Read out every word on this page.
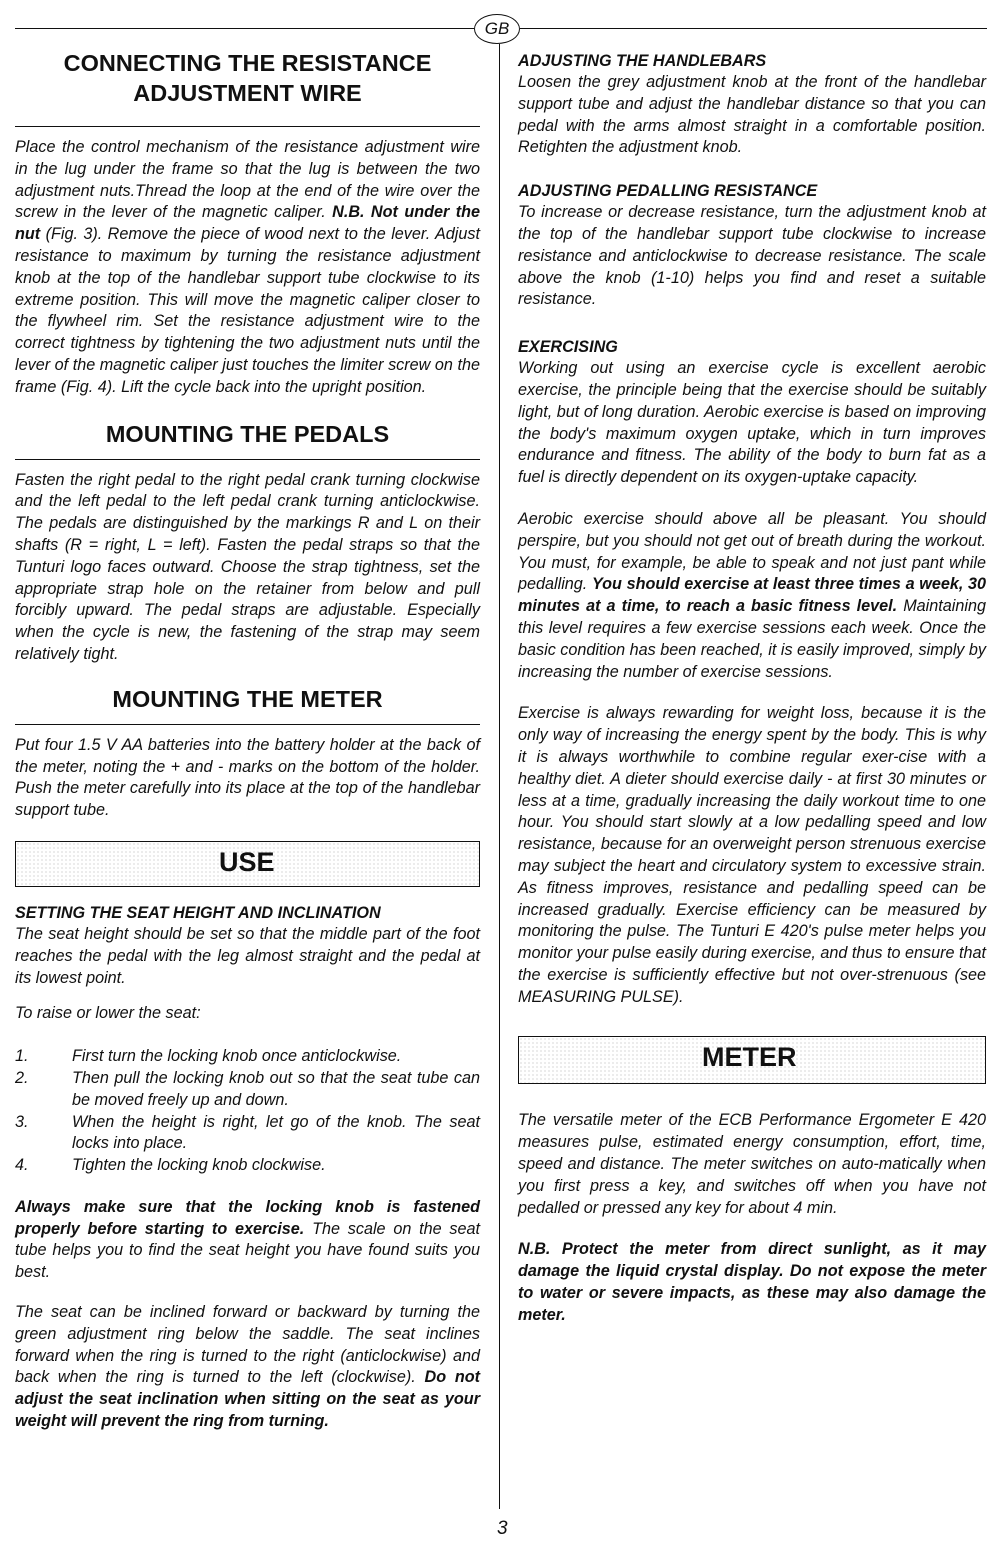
GB

CONNECTING THE RESISTANCE ADJUSTMENT WIRE

Place the control mechanism of the resistance adjustment wire in the lug under the frame so that the lug is between the two adjustment nuts.Thread the loop at the end of the wire over the screw in the lever of the magnetic caliper. N.B. Not under the nut (Fig. 3). Remove the piece of wood next to the lever. Adjust resistance to maximum by turning the resistance adjustment knob at the top of the handlebar support tube clockwise to its extreme position. This will move the magnetic caliper closer to the flywheel rim. Set the resistance adjustment wire to the correct tightness by tightening the two adjustment nuts until the lever of the magnetic caliper just touches the limiter screw on the frame (Fig. 4). Lift the cycle back into the upright position.

MOUNTING THE PEDALS

Fasten the right pedal to the right pedal crank turning clockwise and the left pedal to the left pedal crank turning anticlockwise. The pedals are distinguished by the markings R and L on their shafts (R = right, L = left). Fasten the pedal straps so that the Tunturi logo faces outward. Choose the strap tightness, set the appropriate strap hole on the retainer from below and pull forcibly upward. The pedal straps are adjustable. Especially when the cycle is new, the fastening of the strap may seem relatively tight.

MOUNTING THE METER

Put four 1.5 V AA batteries into the battery holder at the back of the meter, noting the + and - marks on the bottom of the holder. Push the meter carefully into its place at the top of the handlebar support tube.

USE

SETTING THE SEAT HEIGHT AND INCLINATION

The seat height should be set so that the middle part of the foot reaches the pedal with the leg almost straight and the pedal at its lowest point.

To raise or lower the seat:

1.	First turn the locking knob once anticlockwise.
2.	Then pull the locking knob out so that the seat tube can be moved freely up and down.
3.	When the height is right, let go of the knob. The seat locks into place.
4.	Tighten the locking knob clockwise.

Always make sure that the locking knob is fastened properly before starting to exercise. The scale on the seat tube helps you to find the seat height you have found suits you best.

The seat can be inclined forward or backward by turning the green adjustment ring below the saddle. The seat inclines forward when the ring is turned to the right (anticlockwise) and back when the ring is turned to the left (clockwise). Do not adjust the seat inclination when sitting on the seat as your weight will prevent the ring from turning.

ADJUSTING THE HANDLEBARS

Loosen the grey adjustment knob at the front of the handlebar support tube and adjust the handlebar distance so that you can pedal with the arms almost straight in a comfortable position. Retighten the adjustment knob.

ADJUSTING PEDALLING RESISTANCE

To increase or decrease resistance, turn the adjustment knob at the top of the handlebar support tube clockwise to increase resistance and anticlockwise to decrease resistance. The scale above the knob (1-10) helps you find and reset a suitable resistance.

EXERCISING

Working out using an exercise cycle is excellent aerobic exercise, the principle being that the exercise should be suitably light, but of long duration. Aerobic exercise is based on improving the body's maximum oxygen uptake, which in turn improves endurance and fitness. The ability of the body to burn fat as a fuel is directly dependent on its oxygen-uptake capacity.

Aerobic exercise should above all be pleasant. You should perspire, but you should not get out of breath during the workout. You must, for example, be able to speak and not just pant while pedalling. You should exercise at least three times a week, 30 minutes at a time, to reach a basic fitness level. Maintaining this level requires a few exercise sessions each week. Once the basic condition has been reached, it is easily improved, simply by increasing the number of exercise sessions.

Exercise is always rewarding for weight loss, because it is the only way of increasing the energy spent by the body. This is why it is always worthwhile to combine regular exer-cise with a healthy diet. A dieter should exercise daily - at first 30 minutes or less at a time, gradually increasing the daily workout time to one hour. You should start slowly at a low pedalling speed and low resistance, because for an overweight person strenuous exercise may subject the heart and circulatory system to excessive strain. As fitness improves, resistance and pedalling speed can be increased gradually. Exercise efficiency can be measured by monitoring the pulse. The Tunturi E 420's pulse meter helps you monitor your pulse easily during exercise, and thus to ensure that the exercise is sufficiently effective but not over-strenuous (see MEASURING PULSE).

METER

The versatile meter of the ECB Performance Ergometer E 420 measures pulse, estimated energy consumption, effort, time, speed and distance. The meter switches on auto-matically when you first press a key, and switches off when you have not pedalled or pressed any key for about 4 min.

N.B. Protect the meter from direct sunlight, as it may damage the liquid crystal display. Do not expose the meter to water or severe impacts, as these may also damage the meter.

3
